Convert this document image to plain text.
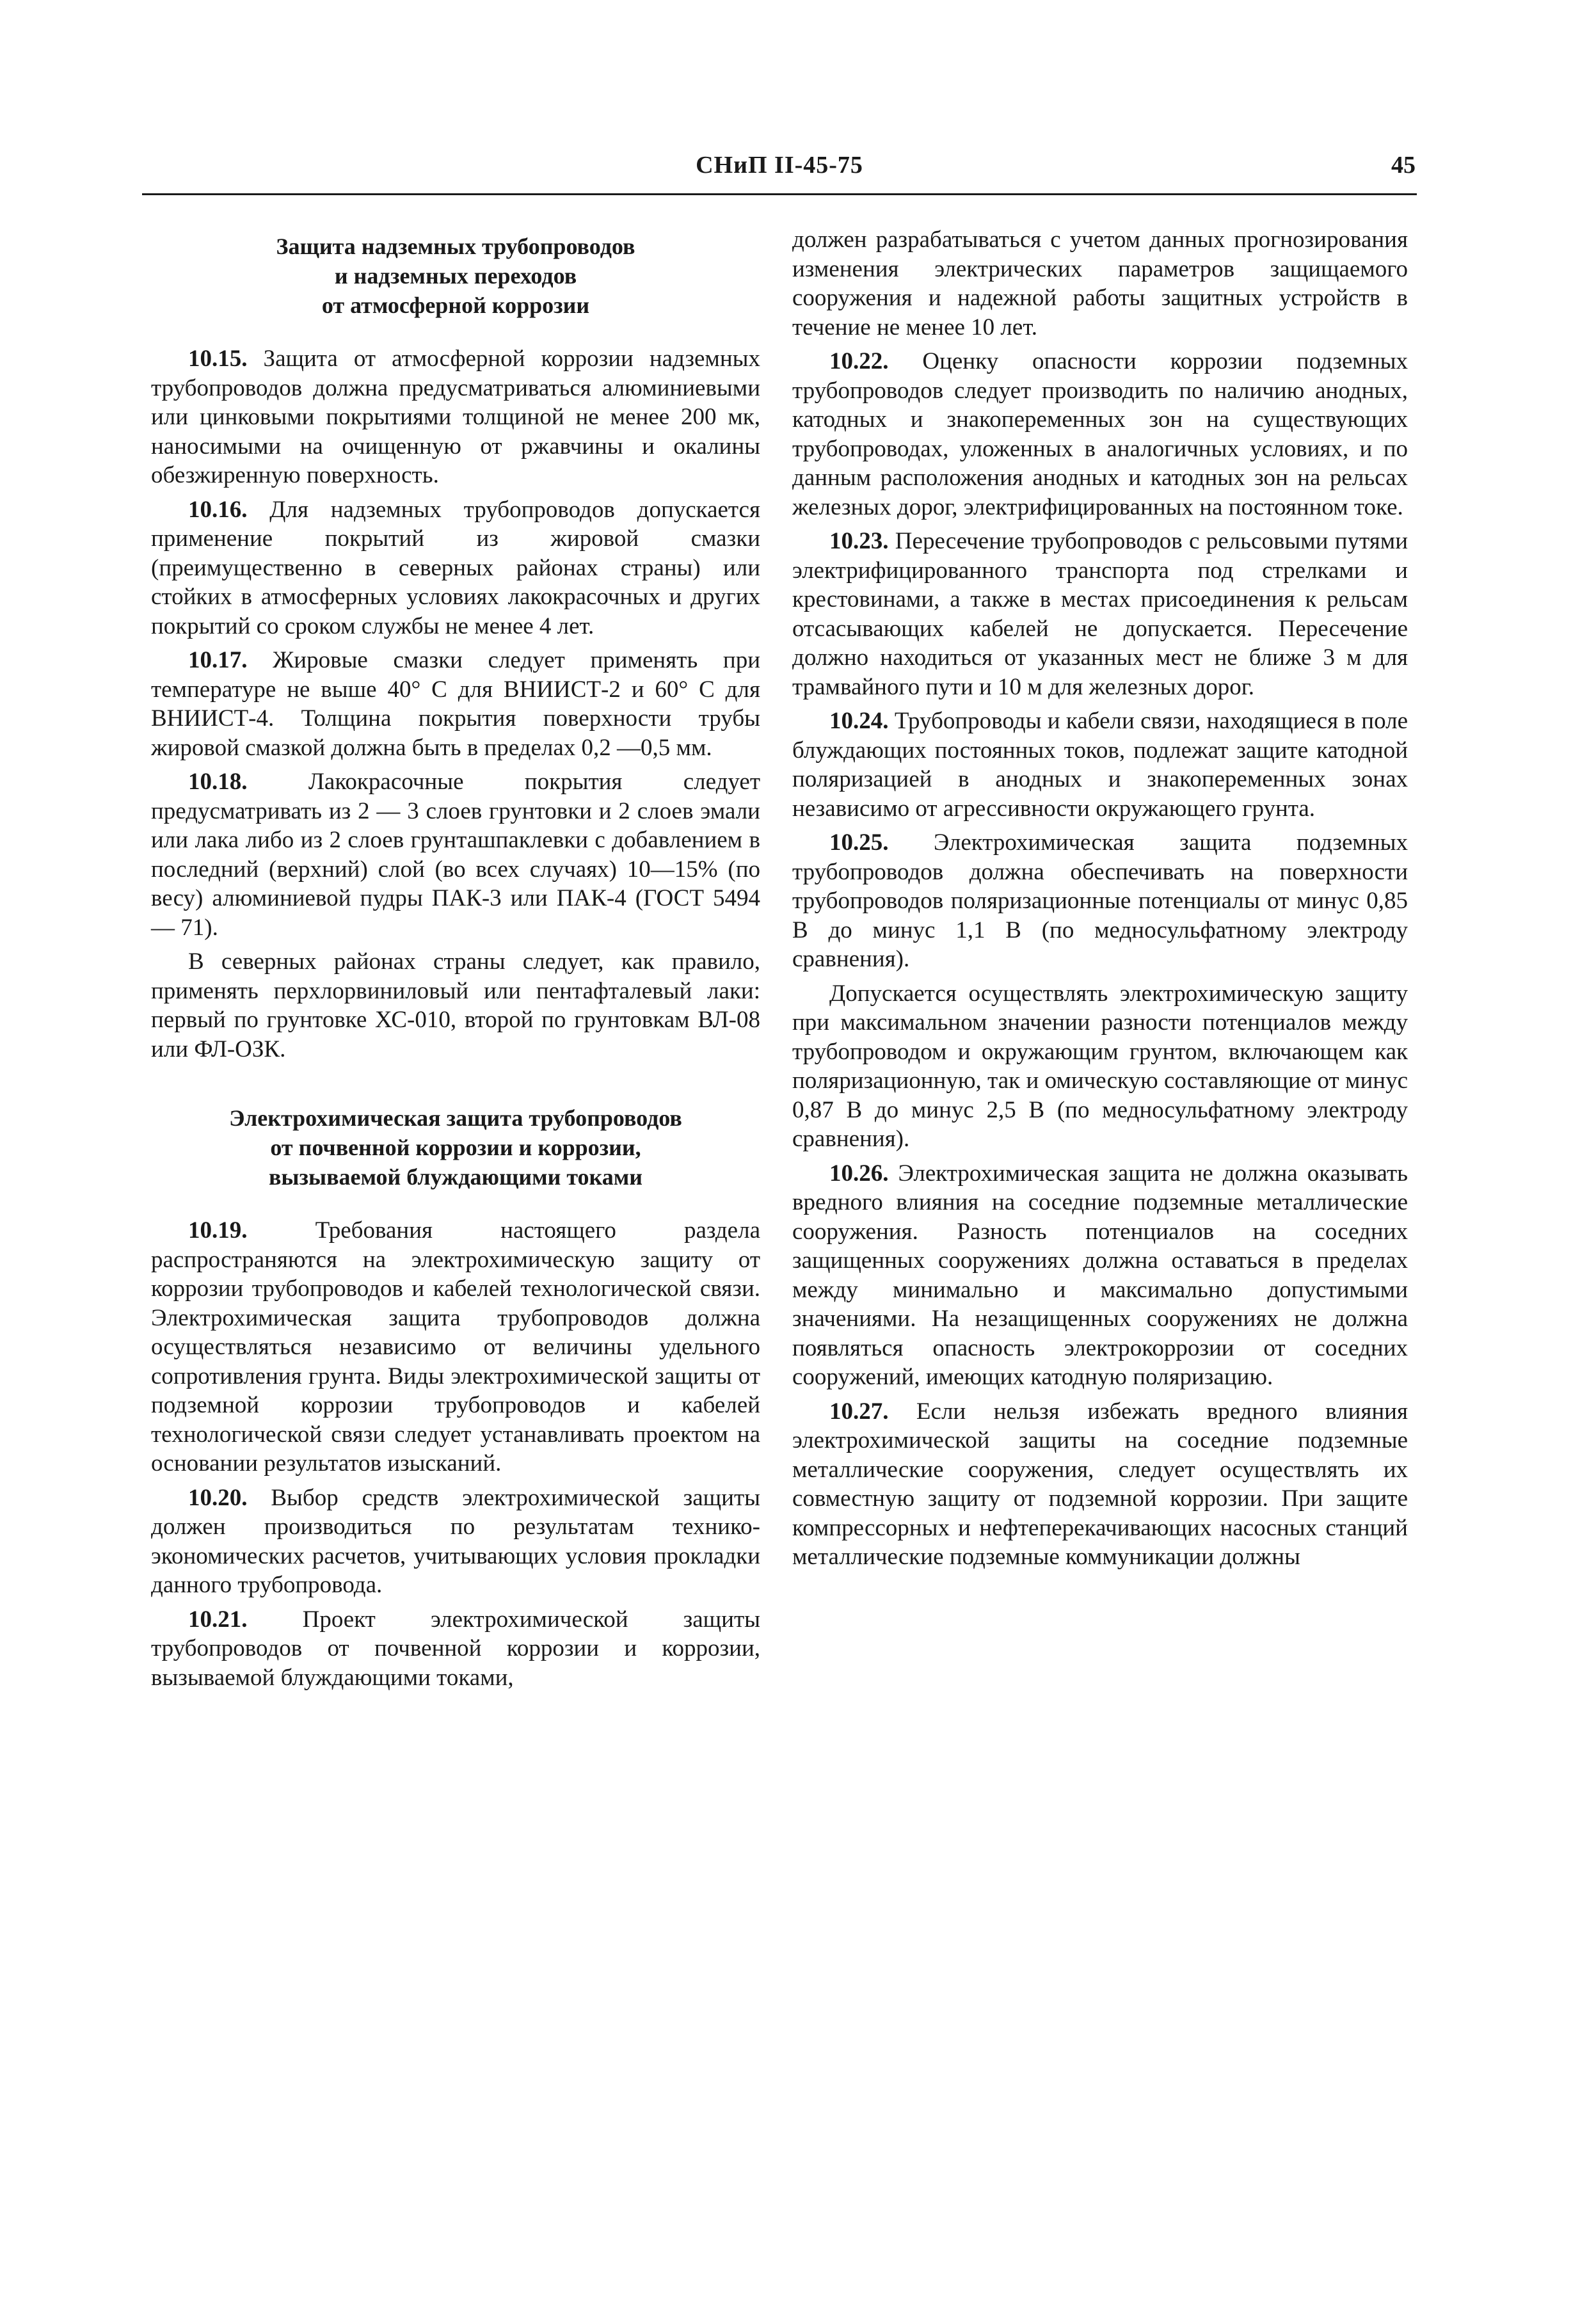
СНиП II-45-75	45
Защита надземных трубопроводов
и надземных переходов
от атмосферной коррозии

10.15. Защита от атмосферной коррозии надземных трубопроводов должна предусматриваться алюминиевыми или цинковыми покрытиями толщиной не менее 200 мк, наносимыми на очищенную от ржавчины и окалины обезжиренную поверхность.

10.16. Для надземных трубопроводов допускается применение покрытий из жировой смазки (преимущественно в северных районах страны) или стойких в атмосферных условиях лакокрасочных и других покрытий со сроком службы не менее 4 лет.

10.17. Жировые смазки следует применять при температуре не выше 40° С для ВНИИСТ-2 и 60° С для ВНИИСТ-4. Толщина покрытия поверхности трубы жировой смазкой должна быть в пределах 0,2 —0,5 мм.

10.18. Лакокрасочные покрытия следует предусматривать из 2 — 3 слоев грунтовки и 2 слоев эмали или лака либо из 2 слоев грунташпаклевки с добавлением в последний (верхний) слой (во всех случаях) 10—15% (по весу) алюминиевой пудры ПАК-3 или ПАК-4 (ГОСТ 5494 — 71).

В северных районах страны следует, как правило, применять перхлорвиниловый или пентафталевый лаки: первый по грунтовке ХС-010, второй по грунтовкам ВЛ-08 или ФЛ-ОЗК.

Электрохимическая защита трубопроводов
от почвенной коррозии и коррозии,
вызываемой блуждающими токами

10.19. Требования настоящего раздела распространяются на электрохимическую защиту от коррозии трубопроводов и кабелей технологической связи. Электрохимическая защита трубопроводов должна осуществляться независимо от величины удельного сопротивления грунта. Виды электрохимической защиты от подземной коррозии трубопроводов и кабелей технологической связи следует устанавливать проектом на основании результатов изысканий.

10.20. Выбор средств электрохимической защиты должен производиться по результатам технико-экономических расчетов, учитывающих условия прокладки данного трубопровода.

10.21. Проект электрохимической защиты трубопроводов от почвенной коррозии и коррозии, вызываемой блуждающими токами,

должен разрабатываться с учетом данных прогнозирования изменения электрических параметров защищаемого сооружения и надежной работы защитных устройств в течение не менее 10 лет.

10.22. Оценку опасности коррозии подземных трубопроводов следует производить по наличию анодных, катодных и знакопеременных зон на существующих трубопроводах, уложенных в аналогичных условиях, и по данным расположения анодных и катодных зон на рельсах железных дорог, электрифицированных на постоянном токе.

10.23. Пересечение трубопроводов с рельсовыми путями электрифицированного транспорта под стрелками и крестовинами, а также в местах присоединения к рельсам отсасывающих кабелей не допускается. Пересечение должно находиться от указанных мест не ближе 3 м для трамвайного пути и 10 м для железных дорог.

10.24. Трубопроводы и кабели связи, находящиеся в поле блуждающих постоянных токов, подлежат защите катодной поляризацией в анодных и знакопеременных зонах независимо от агрессивности окружающего грунта.

10.25. Электрохимическая защита подземных трубопроводов должна обеспечивать на поверхности трубопроводов поляризационные потенциалы от минус 0,85 В до минус 1,1 В (по медносульфатному электроду сравнения).

Допускается осуществлять электрохимическую защиту при максимальном значении разности потенциалов между трубопроводом и окружающим грунтом, включающем как поляризационную, так и омическую составляющие от минус 0,87 В до минус 2,5 В (по медносульфатному электроду сравнения).

10.26. Электрохимическая защита не должна оказывать вредного влияния на соседние подземные металлические сооружения. Разность потенциалов на соседних защищенных сооружениях должна оставаться в пределах между минимально и максимально допустимыми значениями. На незащищенных сооружениях не должна появляться опасность электрокоррозии от соседних сооружений, имеющих катодную поляризацию.

10.27. Если нельзя избежать вредного влияния электрохимической защиты на соседние подземные металлические сооружения, следует осуществлять их совместную защиту от подземной коррозии. При защите компрессорных и нефтеперекачивающих насосных станций металлические подземные коммуникации должны
